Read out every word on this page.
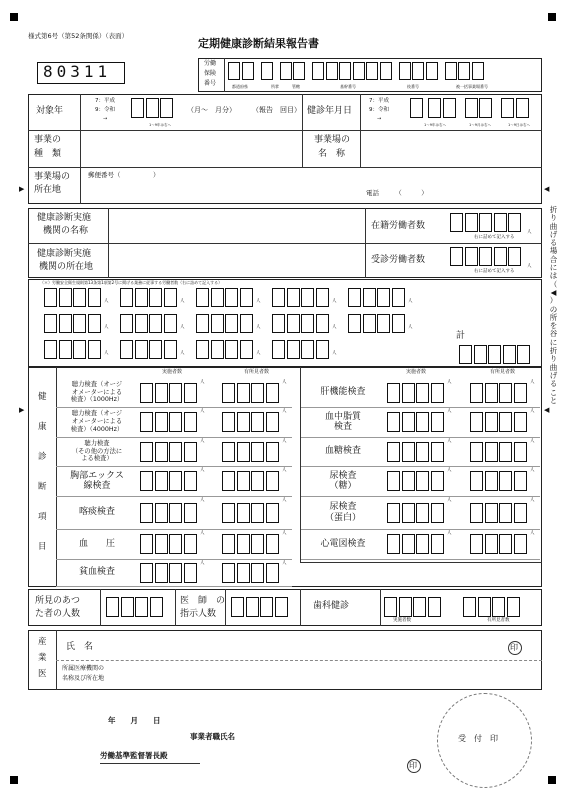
様式第6号（第52条関係）（表面）
定期健康診断結果報告書
80311	労働
保険
番号	都道府県	所掌	管轄	基幹番号	枝番号	被一括事業場番号
対象年
7：平成
9：令和
→
1～9年は右へ
（月～　月分） （報告　回目） 健診年月日
7：平成
9：令和
→
1～9年は右へ	1～9月は右へ	1～9日は右へ
事業の
種　類
事業場の
名　称
事業場の
所在地
郵便番号（　　　　　）
電話　　　（　　　）	◀
◀
▶
▶
折
り
曲
げ
る
場
合
に
は
（
◀
）
の
所
を
谷
に
折
り
曲
げ
る
こ
と
健康診断実施
機関の名称
健康診断実施
機関の所在地
在籍労働者数
受診労働者数
右に詰めて記入する
右に詰めて記入する
人
人
（＊）労働安全衛生規則第13条第1項第2号に掲げる業務に従事する労働者数（右に詰めて記入する）
人	人	人	人	人
人	人	人	人	人
人	人	人	人
計
健
康
診
断
項
目
実施者数	有所見者数	実施者数	有所見者数
聴力検査（オージ
オメーターによる
検査）（1000Hz）
人	人
聴力検査（オージ
オメーターによる
検査）（4000Hz）
人	人
聴力検査
（その他の方法に
よる検査）
人	人
胸部エックス
線検査
人	人
喀痰検査
人	人
血　　圧
人	人
貧血検査
人	人
肝機能検査
人	人
血中脂質
検査
人	人
血糖検査
人	人
尿検査
（糖）
人	人
尿検査
（蛋白）
人	人
心電図検査
人	人
所見のあつ
た者の人数
医　師　の
指示人数
歯科健診
実施者数	有所見者数
産
業
医
氏　名
所属医療機関の
名称及び所在地
印
年　　月　　日
事業者職氏名
労働基準監督署長殿
印
受　付　印
